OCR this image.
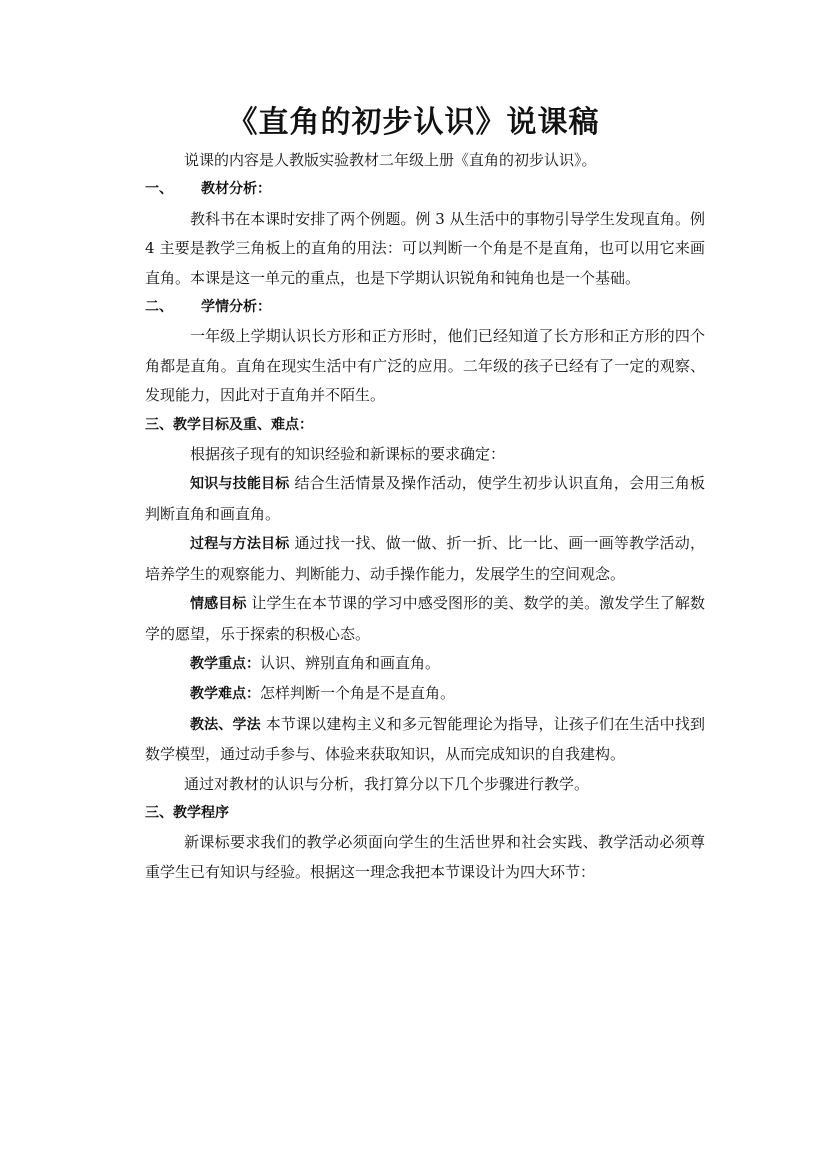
《直角的初步认识》说课稿

说课的内容是人教版实验教材二年级上册《直角的初步认识》。

一、 教材分析：

教科书在本课时安排了两个例题。例 3 从生活中的事物引导学生发现直角。例 4 主要是教学三角板上的直角的用法：可以判断一个角是不是直角，也可以用它来画直角。本课是这一单元的重点，也是下学期认识锐角和钝角也是一个基础。

二、 学情分析：

一年级上学期认识长方形和正方形时，他们已经知道了长方形和正方形的四个角都是直角。直角在现实生活中有广泛的应用。二年级的孩子已经有了一定的观察、发现能力，因此对于直角并不陌生。

三、教学目标及重、难点：

根据孩子现有的知识经验和新课标的要求确定：

知识与技能目标 结合生活情景及操作活动，使学生初步认识直角，会用三角板判断直角和画直角。

过程与方法目标 通过找一找、做一做、折一折、比一比、画一画等教学活动，培养学生的观察能力、判断能力、动手操作能力，发展学生的空间观念。

情感目标 让学生在本节课的学习中感受图形的美、数学的美。激发学生了解数学的愿望，乐于探索的积极心态。

教学重点：认识、辨别直角和画直角。

教学难点：怎样判断一个角是不是直角。

教法、学法 本节课以建构主义和多元智能理论为指导，让孩子们在生活中找到数学模型，通过动手参与、体验来获取知识，从而完成知识的自我建构。

通过对教材的认识与分析，我打算分以下几个步骤进行教学。

三、教学程序

新课标要求我们的教学必须面向学生的生活世界和社会实践、教学活动必须尊重学生已有知识与经验。根据这一理念我把本节课设计为四大环节：
